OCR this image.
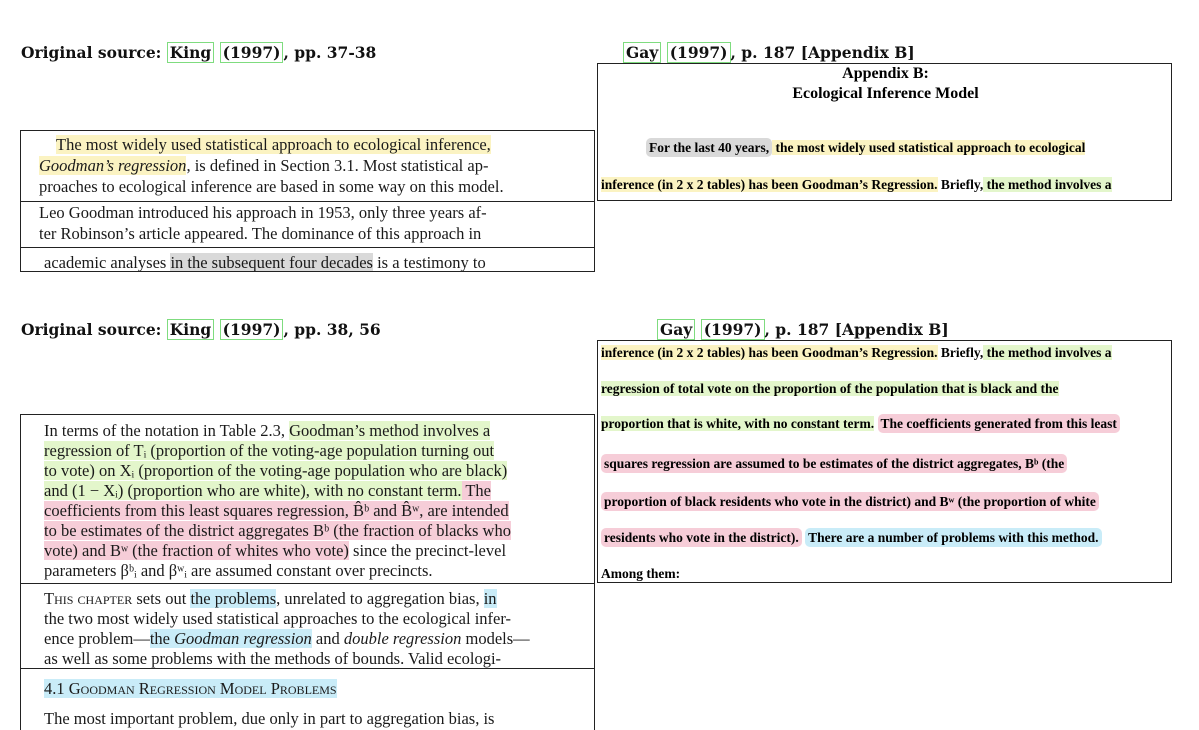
Original source: King (1997) , pp. 37-38	Gay (1997) , p. 187 [Appendix B]
The most widely used statistical approach to ecological inference,
Goodman’s regression, is defined in Section 3.1. Most statistical ap-
proaches to ecological inference are based in some way on this model.
Leo Goodman introduced his approach in 1953, only three years af-
ter Robinson’s article appeared. The dominance of this approach in
academic analyses in the subsequent four decades is a testimony to
Appendix B:
Ecological Inference Model
For the last 40 years, the most widely used statistical approach to ecological
inference (in 2 x 2 tables) has been Goodman’s Regression. Briefly, the method involves a
Original source: King (1997) , pp. 38, 56	Gay (1997) , p. 187 [Appendix B]
In terms of the notation in Table 2.3, Goodman’s method involves a
regression of Tᵢ (proportion of the voting-age population turning out
to vote) on Xᵢ (proportion of the voting-age population who are black)
and (1 − Xᵢ) (proportion who are white), with no constant term. The
coefficients from this least squares regression, B̂ᵇ and B̂ʷ, are intended
to be estimates of the district aggregates Bᵇ (the fraction of blacks who
vote) and Bʷ (the fraction of whites who vote) since the precinct-level
parameters βᵇᵢ and βʷᵢ are assumed constant over precincts.
This chapter sets out the problems, unrelated to aggregation bias, in
the two most widely used statistical approaches to the ecological infer-
ence problem—the Goodman regression and double regression models—
as well as some problems with the methods of bounds. Valid ecologi-
4.1 Goodman Regression Model Problems
The most important problem, due only in part to aggregation bias, is
inference (in 2 x 2 tables) has been Goodman’s Regression. Briefly, the method involves a
regression of total vote on the proportion of the population that is black and the
proportion that is white, with no constant term. The coefficients generated from this least
squares regression are assumed to be estimates of the district aggregates, Bᵇ (the
proportion of black residents who vote in the district) and Bʷ (the proportion of white
residents who vote in the district). There are a number of problems with this method.
Among them:
